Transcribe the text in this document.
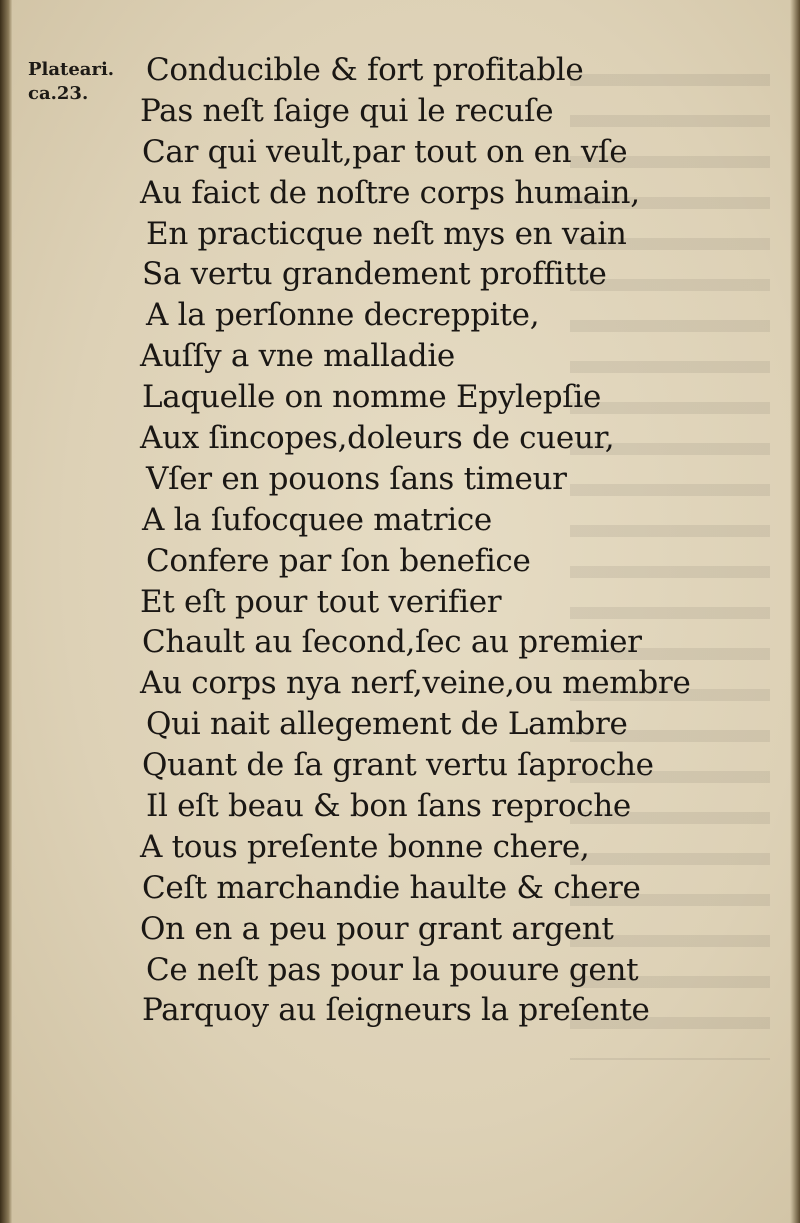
Plateari.
ca.23.
Conducible & fort profitable
Pas neſt ſaige qui le recuſe
Car qui veult,par tout on en vſe
Au faict de noſtre corps humain,
En practicque neſt mys en vain
Sa vertu grandement proffitte
A la perſonne decreppite,
Auſſy a vne malladie
Laquelle on nomme Epylepſie
Aux ſincopes,doleurs de cueur,
Vſer en pouons ſans timeur
A la ſufocquee matrice
Confere par ſon benefice
Et eſt pour tout verifier
Chault au ſecond,ſec au premier
Au corps nya nerf,veine,ou membre
Qui nait allegement de Lambre
Quant de ſa grant vertu ſaproche
Il eſt beau & bon ſans reproche
A tous preſente bonne chere,
Ceſt marchandie haulte & chere
On en a peu pour grant argent
Ce neſt pas pour la pouure gent
Parquoy au ſeigneurs la preſente
